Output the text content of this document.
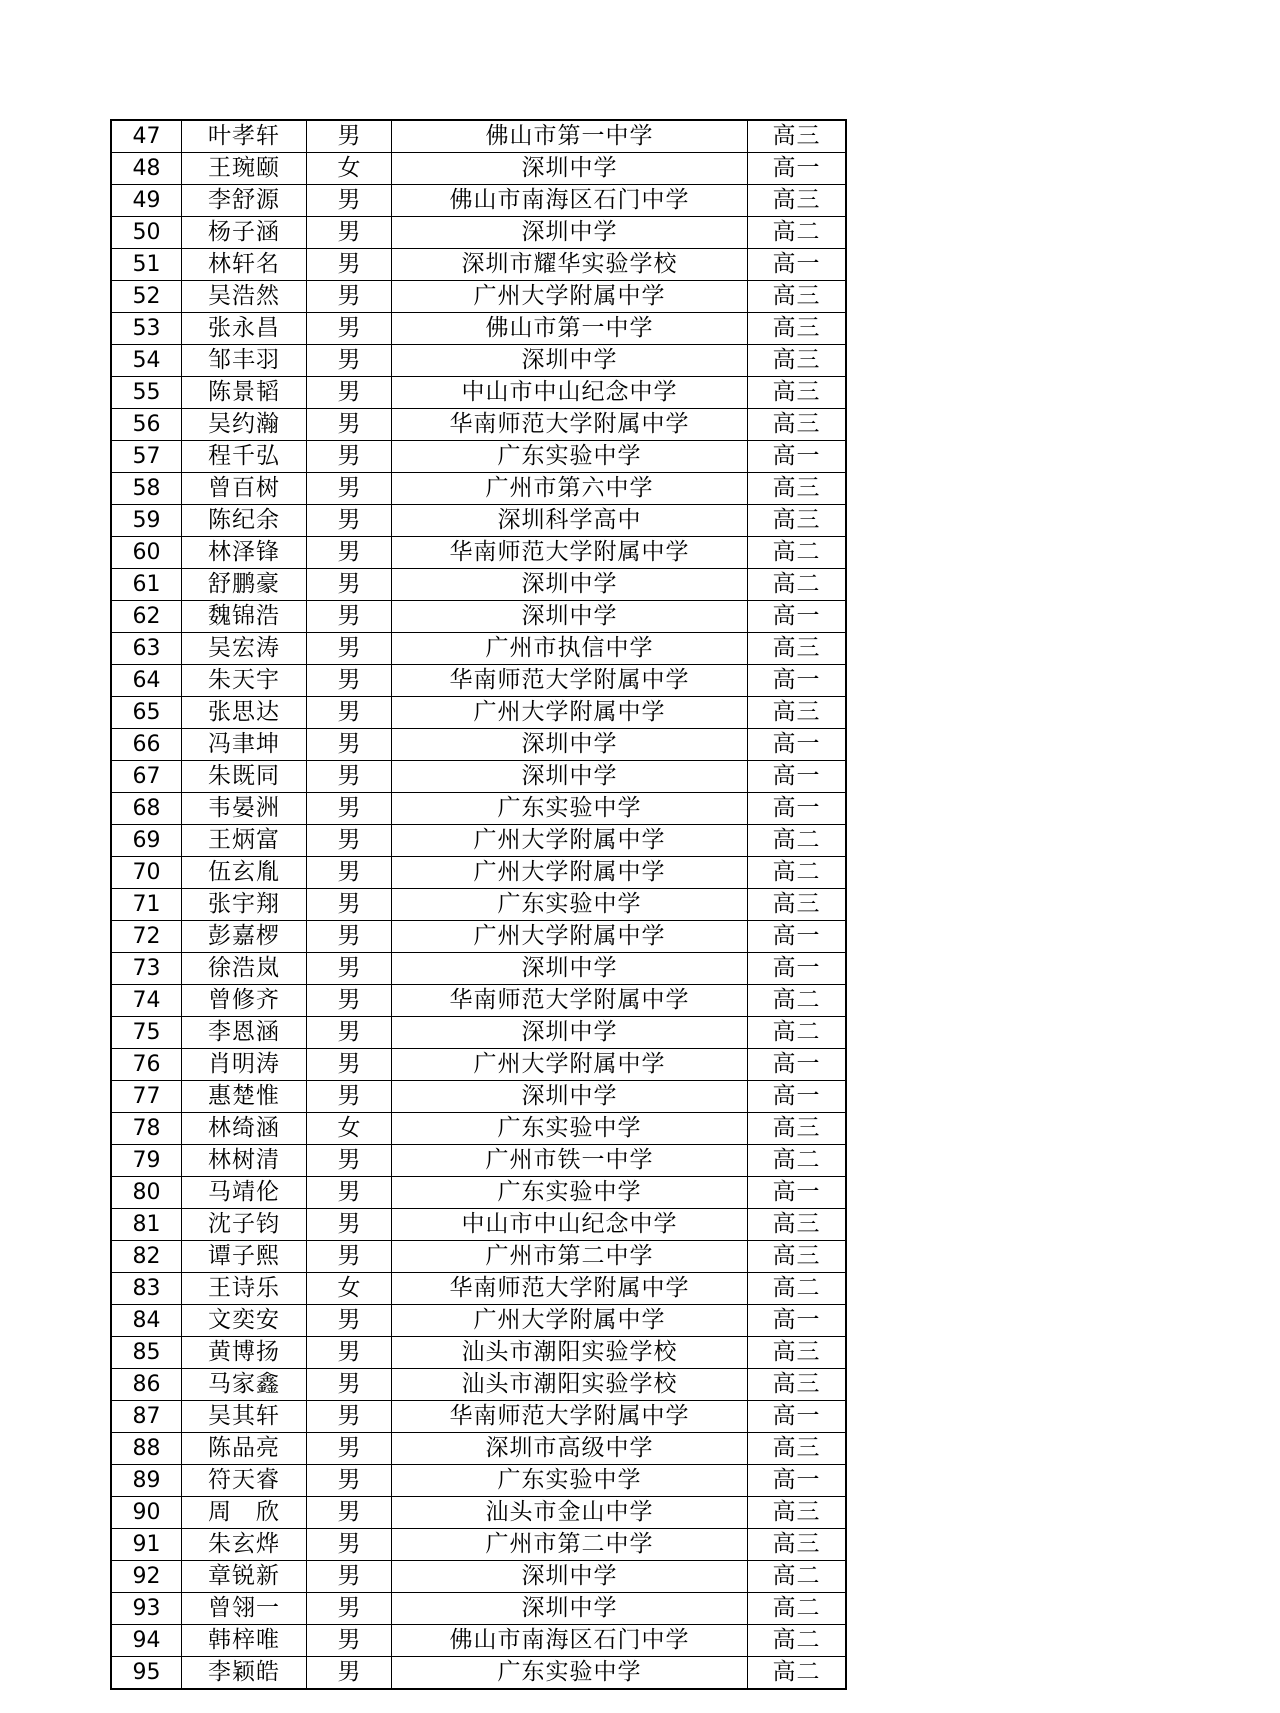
47	叶孝轩	男	佛山市第一中学	高三
48	王琬颐	女	深圳中学	高一
49	李舒源	男	佛山市南海区石门中学	高三
50	杨子涵	男	深圳中学	高二
51	林轩名	男	深圳市耀华实验学校	高一
52	吴浩然	男	广州大学附属中学	高三
53	张永昌	男	佛山市第一中学	高三
54	邹丰羽	男	深圳中学	高三
55	陈景韬	男	中山市中山纪念中学	高三
56	吴约瀚	男	华南师范大学附属中学	高三
57	程千弘	男	广东实验中学	高一
58	曾百树	男	广州市第六中学	高三
59	陈纪余	男	深圳科学高中	高三
60	林泽锋	男	华南师范大学附属中学	高二
61	舒鹏豪	男	深圳中学	高二
62	魏锦浩	男	深圳中学	高一
63	吴宏涛	男	广州市执信中学	高三
64	朱天宇	男	华南师范大学附属中学	高一
65	张思达	男	广州大学附属中学	高三
66	冯聿坤	男	深圳中学	高一
67	朱既同	男	深圳中学	高一
68	韦晏洲	男	广东实验中学	高一
69	王炳富	男	广州大学附属中学	高二
70	伍玄胤	男	广州大学附属中学	高二
71	张宇翔	男	广东实验中学	高三
72	彭嘉椤	男	广州大学附属中学	高一
73	徐浩岚	男	深圳中学	高一
74	曾修齐	男	华南师范大学附属中学	高二
75	李恩涵	男	深圳中学	高二
76	肖明涛	男	广州大学附属中学	高一
77	惠楚惟	男	深圳中学	高一
78	林绮涵	女	广东实验中学	高三
79	林树清	男	广州市铁一中学	高二
80	马靖伦	男	广东实验中学	高一
81	沈子钧	男	中山市中山纪念中学	高三
82	谭子熙	男	广州市第二中学	高三
83	王诗乐	女	华南师范大学附属中学	高二
84	文奕安	男	广州大学附属中学	高一
85	黄博扬	男	汕头市潮阳实验学校	高三
86	马家鑫	男	汕头市潮阳实验学校	高三
87	吴其轩	男	华南师范大学附属中学	高一
88	陈品亮	男	深圳市高级中学	高三
89	符天睿	男	广东实验中学	高一
90	周　欣	男	汕头市金山中学	高三
91	朱玄烨	男	广州市第二中学	高三
92	章锐新	男	深圳中学	高二
93	曾翎一	男	深圳中学	高二
94	韩梓唯	男	佛山市南海区石门中学	高二
95	李颖皓	男	广东实验中学	高二
